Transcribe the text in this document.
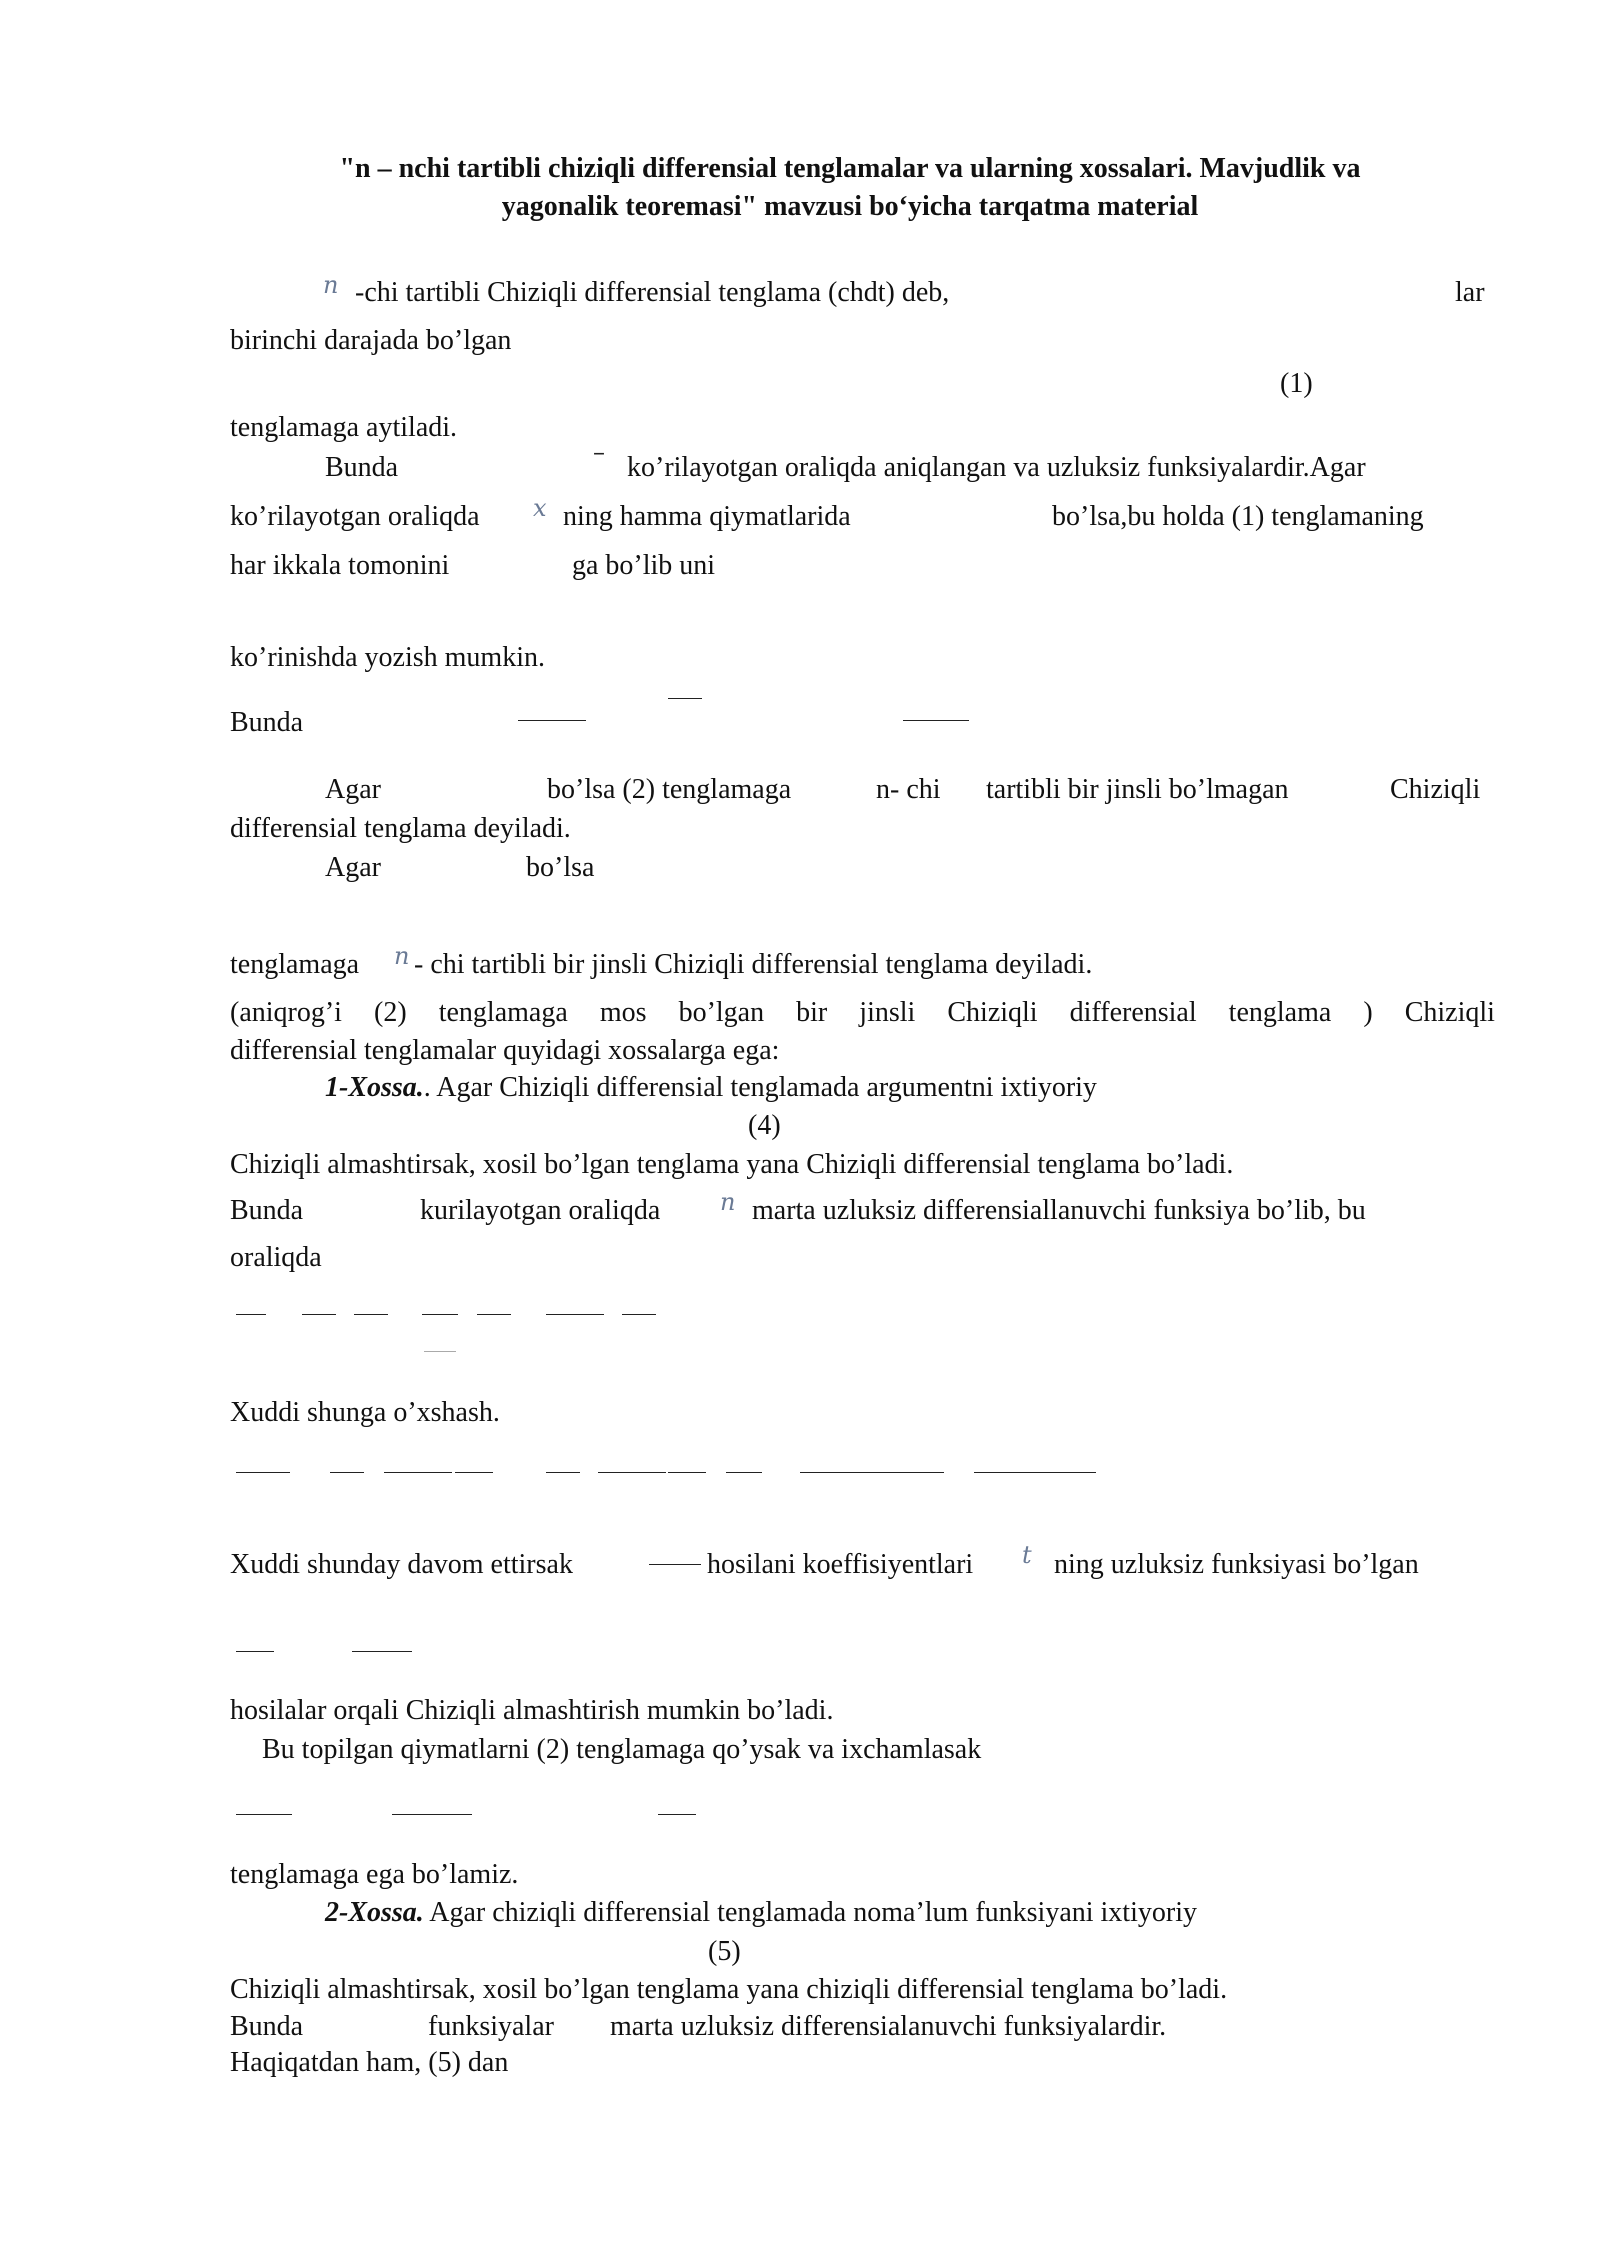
"n – nchi tartibli chiziqli differensial tenglamalar va ularning xossalari. Mavjudlik va
yagonalik teoremasi" mavzusi bo‘yicha tarqatma material
n -chi tartibli Chiziqli differensial tenglama (chdt) deb,	lar
birinchi darajada bo’lgan
(1)
tenglamaga aytiladi.
Bunda	– ko’rilayotgan oraliqda aniqlangan va uzluksiz funksiyalardir.Agar
ko’rilayotgan oraliqda x ning hamma qiymatlarida	bo’lsa,bu holda (1) tenglamaning
har ikkala tomonini	ga bo’lib uni
ko’rinishda yozish mumkin.
Bunda
Agar	bo’lsa (2) tenglamaga	n- chi tartibli bir jinsli bo’lmagan	Chiziqli
differensial tenglama deyiladi.
Agar	bo’lsa
tenglamaga n - chi tartibli bir jinsli Chiziqli differensial tenglama deyiladi.
(aniqrog’i (2) tenglamaga mos bo’lgan bir jinsli Chiziqli differensial tenglama ) Chiziqli
differensial tenglamalar quyidagi xossalarga ega:
1-Xossa.. Agar Chiziqli differensial tenglamada argumentni ixtiyoriy
(4)
Chiziqli almashtirsak, xosil bo’lgan tenglama yana Chiziqli differensial tenglama bo’ladi.
Bunda	kurilayotgan oraliqda n marta uzluksiz differensiallanuvchi funksiya bo’lib, bu
oraliqda
Xuddi shunga o’xshash.
Xuddi shunday davom ettirsak	hosilani koeffisiyentlari t ning uzluksiz funksiyasi bo’lgan
hosilalar orqali Chiziqli almashtirish mumkin bo’ladi.
Bu topilgan qiymatlarni (2) tenglamaga qo’ysak va ixchamlasak
tenglamaga ega bo’lamiz.
2-Xossa. Agar chiziqli differensial tenglamada noma’lum funksiyani ixtiyoriy
(5)
Chiziqli almashtirsak, xosil bo’lgan tenglama yana chiziqli differensial tenglama bo’ladi.
Bunda	funksiyalar marta uzluksiz differensialanuvchi funksiyalardir.
Haqiqatdan ham, (5) dan
